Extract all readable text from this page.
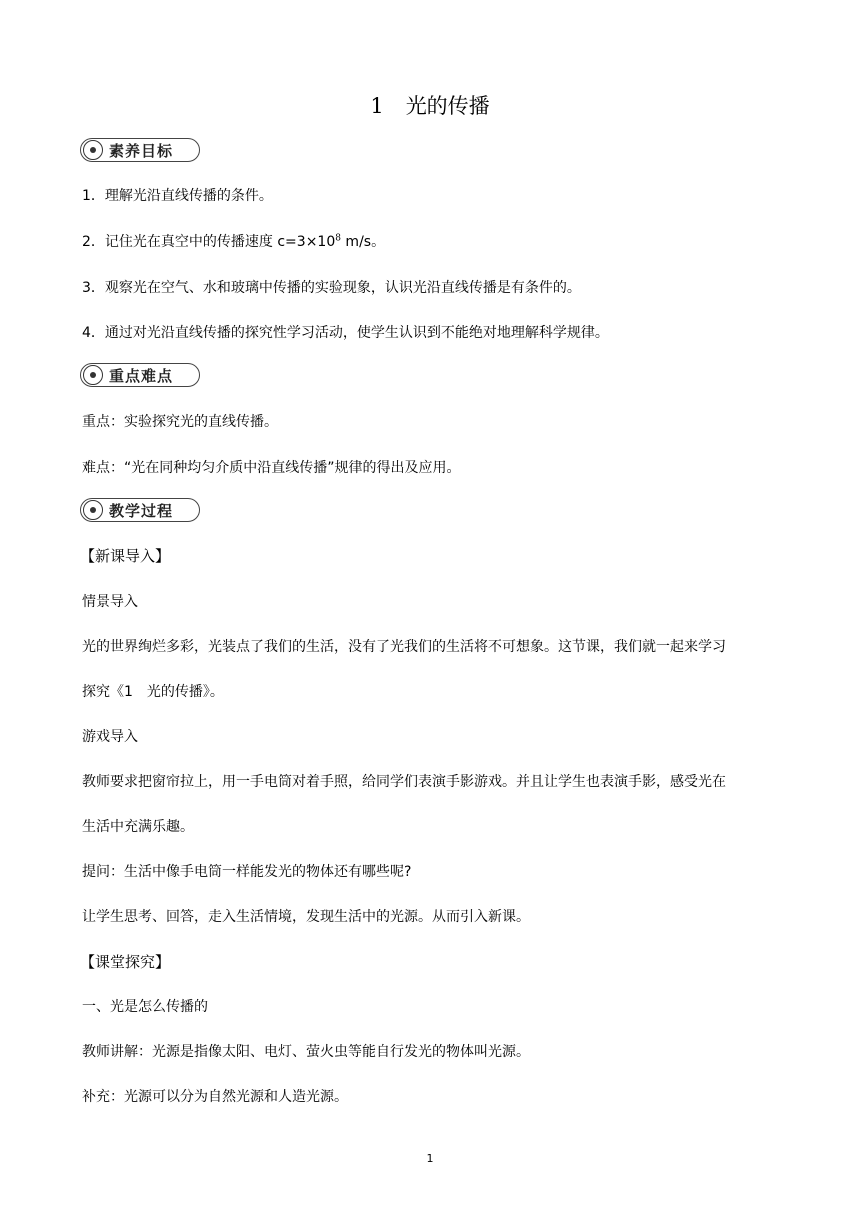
1 光的传播
素养目标
1．理解光沿直线传播的条件。
2．记住光在真空中的传播速度 $c=3\times 10^8$ m/s。
3．观察光在空气、水和玻璃中传播的实验现象，认识光沿直线传播是有条件的。
4．通过对光沿直线传播的探究性学习活动，使学生认识到不能绝对地理解科学规律。
重点难点
重点：实验探究光的直线传播。
难点：“光在同种均匀介质中沿直线传播”规律的得出及应用。
教学过程
【新课导入】
情景导入
光的世界绚烂多彩，光装点了我们的生活，没有了光我们的生活将不可想象。这节课，我们就一起来学习
探究《1　光的传播》。
游戏导入
教师要求把窗帘拉上，用一手电筒对着手照，给同学们表演手影游戏。并且让学生也表演手影，感受光在
生活中充满乐趣。
提问：生活中像手电筒一样能发光的物体还有哪些呢?
让学生思考、回答，走入生活情境，发现生活中的光源。从而引入新课。
【课堂探究】
一、光是怎么传播的
教师讲解：光源是指像太阳、电灯、萤火虫等能自行发光的物体叫光源。
补充：光源可以分为自然光源和人造光源。
1
